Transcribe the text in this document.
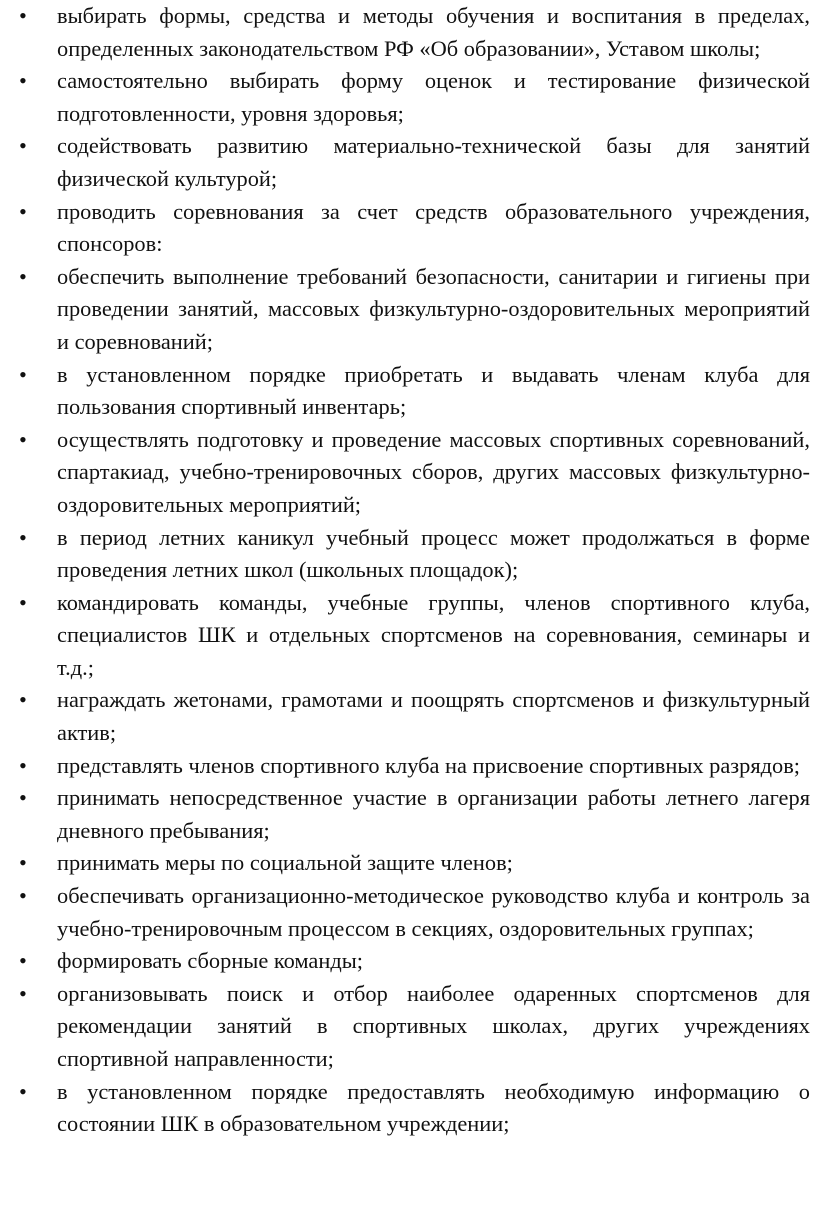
•	выбирать формы, средства и методы обучения и воспитания в пределах, определенных законодательством РФ «Об образовании», Уставом школы;
•	самостоятельно выбирать форму оценок и тестирование физической подготовленности, уровня здоровья;
•	содействовать развитию материально-технической базы для занятий физической культурой;
•	проводить соревнования за счет средств образовательного учреждения, спонсоров:
•	обеспечить выполнение требований безопасности, санитарии и гигиены при проведении занятий, массовых физкультурно-оздоровительных мероприятий и соревнований;
•	в установленном порядке приобретать и выдавать членам клуба для пользования спортивный инвентарь;
•	осуществлять подготовку и проведение массовых спортивных соревнований, спартакиад, учебно-тренировочных сборов, других массовых физкультурно-оздоровительных мероприятий;
•	в период летних каникул учебный процесс может продолжаться в форме проведения летних школ (школьных площадок);
•	командировать команды, учебные группы, членов спортивного клуба, специалистов ШК и отдельных спортсменов на соревнования, семинары и т.д.;
•	награждать жетонами, грамотами и поощрять спортсменов и физкультурный актив;
•	представлять членов спортивного клуба на присвоение спортивных разрядов;
•	принимать непосредственное участие в организации работы летнего лагеря дневного пребывания;
•	принимать меры по социальной защите членов;
•	обеспечивать организационно-методическое руководство клуба и контроль за учебно-тренировочным процессом в секциях, оздоровительных группах;
•	формировать сборные команды;
•	организовывать поиск и отбор наиболее одаренных спортсменов для рекомендации занятий в спортивных школах, других учреждениях спортивной направленности;
•	в установленном порядке предоставлять необходимую информацию о состоянии ШК в образовательном учреждении;
